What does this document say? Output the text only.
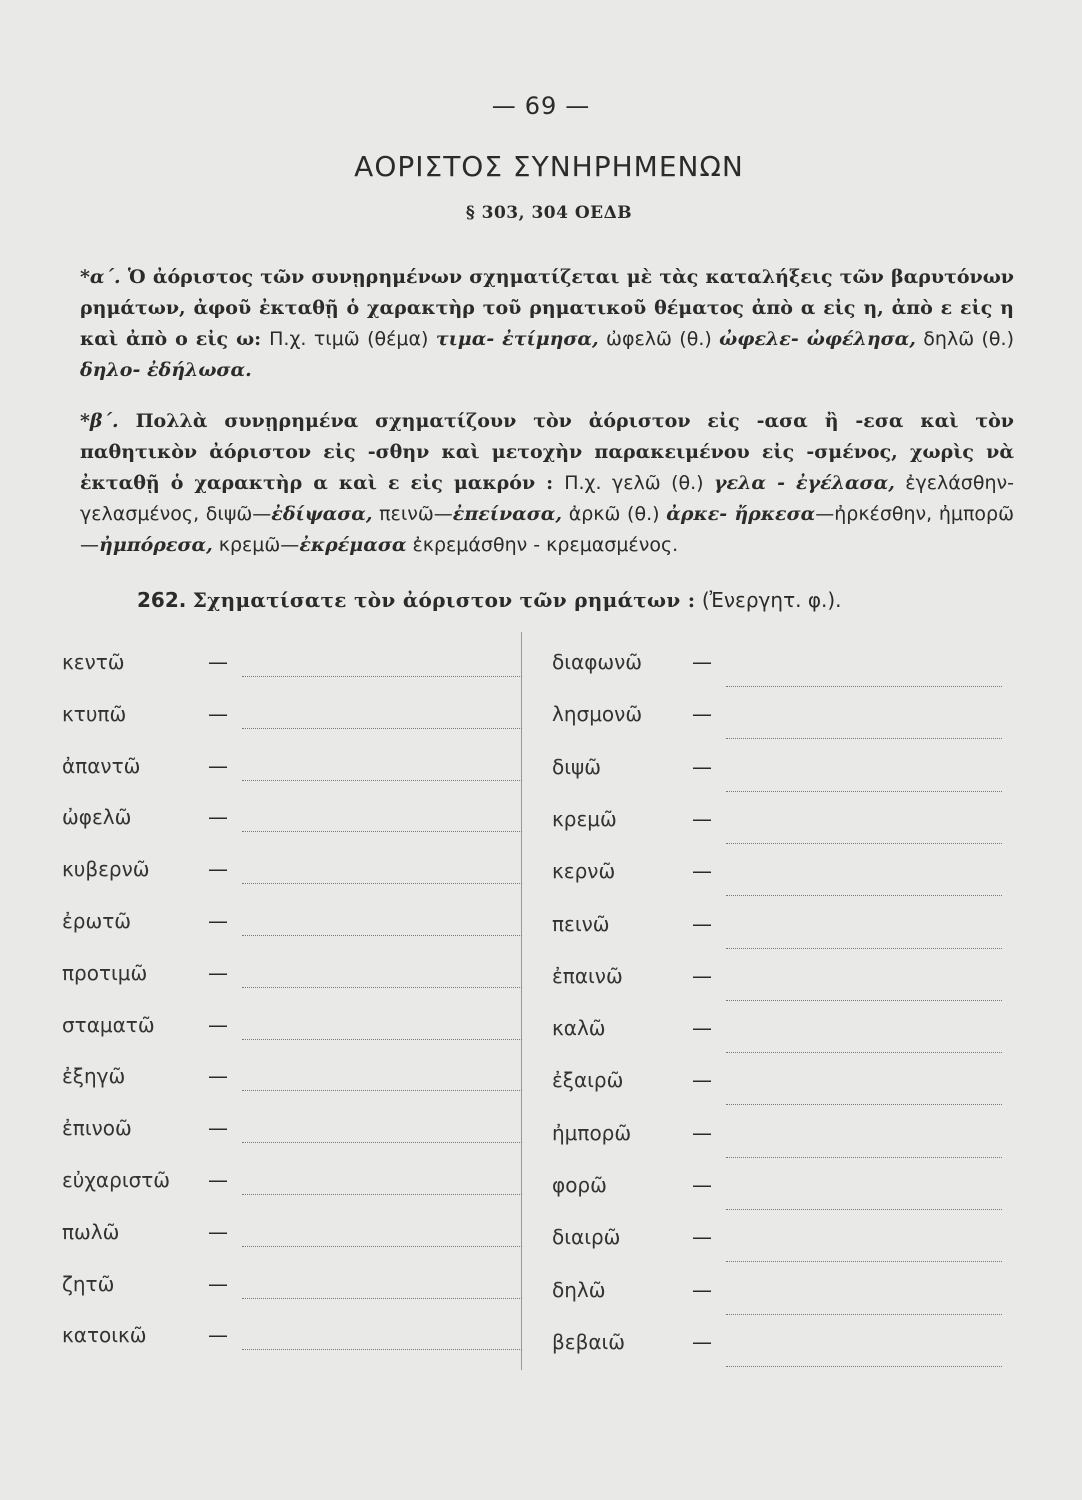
— 69 —
ΑΟΡΙΣΤΟΣ ΣΥΝΗΡΗΜΕΝΩΝ
§ 303, 304 ΟΕΔΒ
*α΄. Ὁ ἀόριστος τῶν συνῃρημένων σχηματίζεται μὲ τὰς καταλήξεις τῶν βαρυτόνων ρημάτων, ἀφοῦ ἐκταθῇ ὁ χαρακτὴρ τοῦ ρηματικοῦ θέματος ἀπὸ α εἰς η, ἀπὸ ε εἰς η καὶ ἀπὸ ο εἰς ω: Π.χ. τιμῶ (θέμα) τιμα- ἐτίμησα, ὠφελῶ (θ.) ὠφελε- ὠφέλησα, δηλῶ (θ.) δηλο- ἐδήλωσα.
*β΄. Πολλὰ συνῃρημένα σχηματίζουν τὸν ἀόριστον εἰς -ασα ἢ -εσα καὶ τὸν παθητικὸν ἀόριστον εἰς -σθην καὶ μετοχὴν παρακειμένου εἰς -σμένος, χωρὶς νὰ ἐκταθῇ ὁ χαρακτὴρ α καὶ ε εἰς μακρόν : Π.χ. γελῶ (θ.) γελα - ἐγέλασα, ἐγελάσθην-γελασμένος, διψῶ—ἐδίψασα, πεινῶ—ἐπείνασα, ἀρκῶ (θ.) ἀρκε- ἤρκεσα—ἠρκέσθην, ἠμπορῶ—ἠμπόρεσα, κρεμῶ—ἐκρέμασα ἐκρεμάσθην - κρεμασμένος.
262. Σχηματίσατε τὸν ἀόριστον τῶν ρημάτων : (Ἐνεργητ. φ.).
κεντῶ	—
κτυπῶ	—
ἀπαντῶ	—
ὠφελῶ	—
κυβερνῶ	—
ἐρωτῶ	—
προτιμῶ	—
σταματῶ	—
ἐξηγῶ	—
ἐπινοῶ	—
εὐχαριστῶ —
πωλῶ	—
ζητῶ	—
κατοικῶ	—
διαφωνῶ —
λησμονῶ —
διψῶ	—
κρεμῶ	—
κερνῶ	—
πεινῶ	—
ἐπαινῶ	—
καλῶ	—
ἐξαιρῶ	—
ἠμπορῶ	—
φορῶ	—
διαιρῶ	—
δηλῶ	—
βεβαιῶ	—
